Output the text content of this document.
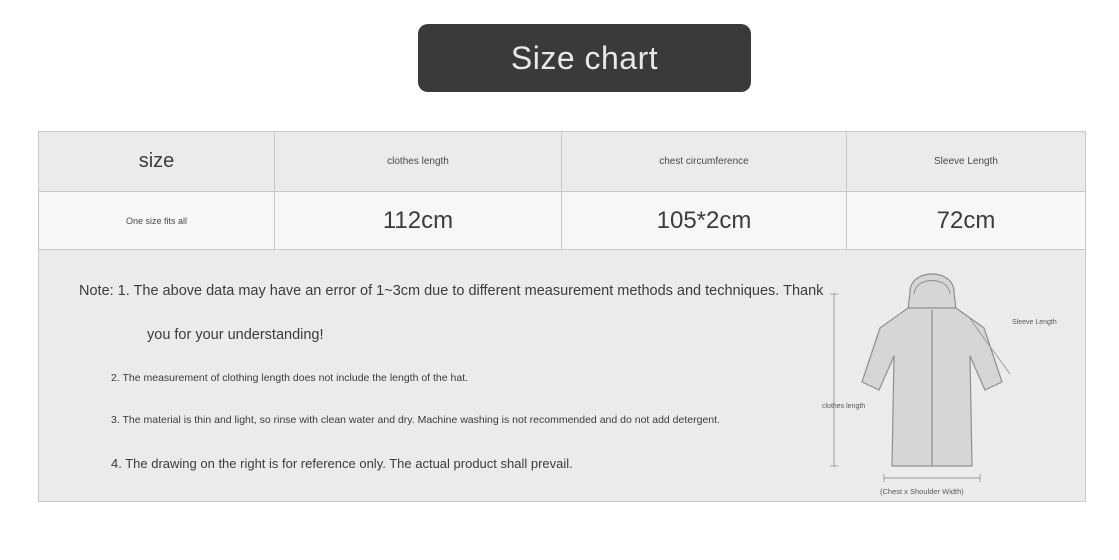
Size chart
size	clothes length	chest circumference	Sleeve Length
One size fits all	112cm	105*2cm	72cm

Note: 1. The above data may have an error of 1~3cm due to different measurement methods and techniques. Thank

you for your understanding!

2. The measurement of clothing length does not include the length of the hat.

3. The material is thin and light, so rinse with clean water and dry. Machine washing is not recommended and do not add detergent.

4. The drawing on the right is for reference only. The actual product shall prevail.

Sleeve Length
clothes length
(Chest x Shoulder Width)
